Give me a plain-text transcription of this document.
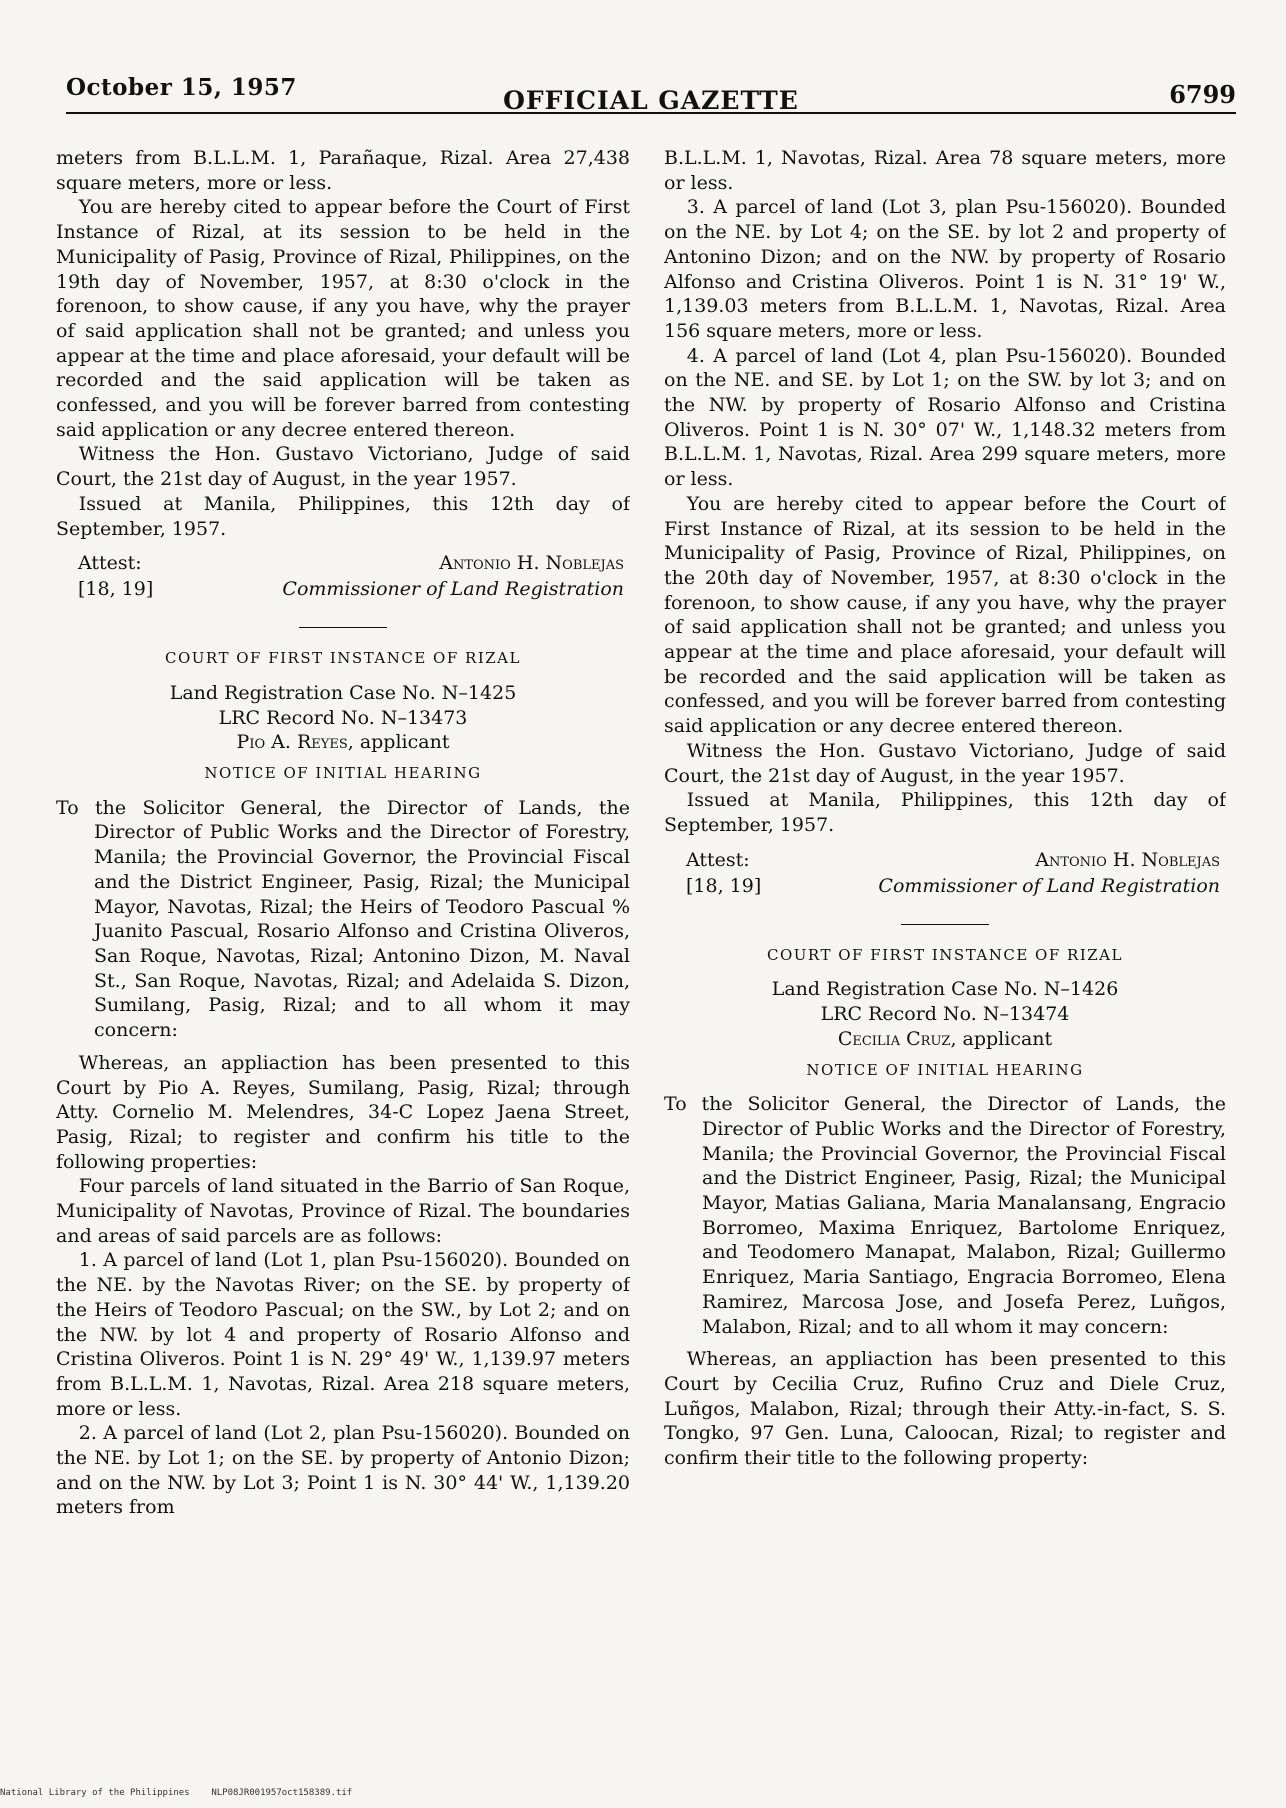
October 15, 1957	OFFICIAL GAZETTE	6799

meters from B.L.L.M. 1, Parañaque, Rizal. Area 27,438 square meters, more or less.

You are hereby cited to appear before the Court of First Instance of Rizal, at its session to be held in the Municipality of Pasig, Province of Rizal, Philippines, on the 19th day of November, 1957, at 8:30 o'clock in the forenoon, to show cause, if any you have, why the prayer of said application shall not be granted; and unless you appear at the time and place aforesaid, your default will be recorded and the said application will be taken as confessed, and you will be forever barred from contesting said application or any decree entered thereon.

Witness the Hon. Gustavo Victoriano, Judge of said Court, the 21st day of August, in the year 1957.

Issued at Manila, Philippines, this 12th day of September, 1957.

Attest:
[18, 19]
Antonio H. Noblejas
Commissioner of Land Registration
COURT OF FIRST INSTANCE OF RIZAL

Land Registration Case No. N–1425

LRC Record No. N–13473

Pio A. Reyes, applicant

NOTICE OF INITIAL HEARING

To the Solicitor General, the Director of Lands, the Director of Public Works and the Director of Forestry, Manila; the Provincial Governor, the Provincial Fiscal and the District Engineer, Pasig, Rizal; the Municipal Mayor, Navotas, Rizal; the Heirs of Teodoro Pascual % Juanito Pascual, Rosario Alfonso and Cristina Oliveros, San Roque, Navotas, Rizal; Antonino Dizon, M. Naval St., San Roque, Navotas, Rizal; and Adelaida S. Dizon, Sumilang, Pasig, Rizal; and to all whom it may concern:

Whereas, an appliaction has been presented to this Court by Pio A. Reyes, Sumilang, Pasig, Rizal; through Atty. Cornelio M. Melendres, 34-C Lopez Jaena Street, Pasig, Rizal; to register and confirm his title to the following properties:

Four parcels of land situated in the Barrio of San Roque, Municipality of Navotas, Province of Rizal. The boundaries and areas of said parcels are as follows:

1. A parcel of land (Lot 1, plan Psu-156020). Bounded on the NE. by the Navotas River; on the SE. by property of the Heirs of Teodoro Pascual; on the SW., by Lot 2; and on the NW. by lot 4 and property of Rosario Alfonso and Cristina Oliveros. Point 1 is N. 29° 49' W., 1,139.97 meters from B.L.L.M. 1, Navotas, Rizal. Area 218 square meters, more or less.

2. A parcel of land (Lot 2, plan Psu-156020). Bounded on the NE. by Lot 1; on the SE. by property of Antonio Dizon; and on the NW. by Lot 3; Point 1 is N. 30° 44' W., 1,139.20 meters from

B.L.L.M. 1, Navotas, Rizal. Area 78 square meters, more or less.

3. A parcel of land (Lot 3, plan Psu-156020). Bounded on the NE. by Lot 4; on the SE. by lot 2 and property of Antonino Dizon; and on the NW. by property of Rosario Alfonso and Cristina Oliveros. Point 1 is N. 31° 19' W., 1,139.03 meters from B.L.L.M. 1, Navotas, Rizal. Area 156 square meters, more or less.

4. A parcel of land (Lot 4, plan Psu-156020). Bounded on the NE. and SE. by Lot 1; on the SW. by lot 3; and on the NW. by property of Rosario Alfonso and Cristina Oliveros. Point 1 is N. 30° 07' W., 1,148.32 meters from B.L.L.M. 1, Navotas, Rizal. Area 299 square meters, more or less.

You are hereby cited to appear before the Court of First Instance of Rizal, at its session to be held in the Municipality of Pasig, Province of Rizal, Philippines, on the 20th day of November, 1957, at 8:30 o'clock in the forenoon, to show cause, if any you have, why the prayer of said application shall not be granted; and unless you appear at the time and place aforesaid, your default will be recorded and the said application will be taken as confessed, and you will be forever barred from contesting said application or any decree entered thereon.

Witness the Hon. Gustavo Victoriano, Judge of said Court, the 21st day of August, in the year 1957.

Issued at Manila, Philippines, this 12th day of September, 1957.

Attest:
[18, 19]
Antonio H. Noblejas
Commissioner of Land Registration
COURT OF FIRST INSTANCE OF RIZAL

Land Registration Case No. N–1426

LRC Record No. N–13474

Cecilia Cruz, applicant

NOTICE OF INITIAL HEARING

To the Solicitor General, the Director of Lands, the Director of Public Works and the Director of Forestry, Manila; the Provincial Governor, the Provincial Fiscal and the District Engineer, Pasig, Rizal; the Municipal Mayor, Matias Galiana, Maria Manalansang, Engracio Borromeo, Maxima Enriquez, Bartolome Enriquez, and Teodomero Manapat, Malabon, Rizal; Guillermo Enriquez, Maria Santiago, Engracia Borromeo, Elena Ramirez, Marcosa Jose, and Josefa Perez, Luñgos, Malabon, Rizal; and to all whom it may concern:

Whereas, an appliaction has been presented to this Court by Cecilia Cruz, Rufino Cruz and Diele Cruz, Luñgos, Malabon, Rizal; through their Atty.-in-fact, S. S. Tongko, 97 Gen. Luna, Caloocan, Rizal; to register and confirm their title to the following property:

National Library of the Philippines    NLP08JR001957oct158389.tif
